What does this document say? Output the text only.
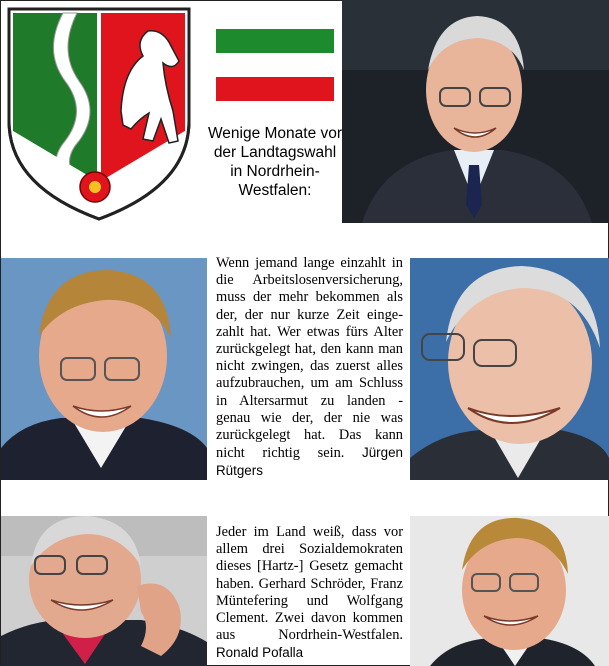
Wenige Monate vor der Landtagswahl in Nordrhein-Westfalen:
Wenn jemand lange einzahlt in die Arbeitslosenversicherung, muss der mehr bekommen als der, der nur kurze Zeit eingezahlt hat. Wer etwas fürs Alter zurückgelegt hat, den kann man nicht zwingen, das zuerst alles aufzubrauchen, um am Schluss in Altersarmut zu landen - genau wie der, der nie was zurückgelegt hat. Das kann nicht richtig sein. Jürgen Rütgers
Jeder im Land weiß, dass vor allem drei Sozialdemokraten dieses [Hartz-] Gesetz gemacht haben. Gerhard Schröder, Franz Müntefering und Wolfgang Clement. Zwei davon kommen aus Nordrhein-Westfalen. Ronald Pofalla
